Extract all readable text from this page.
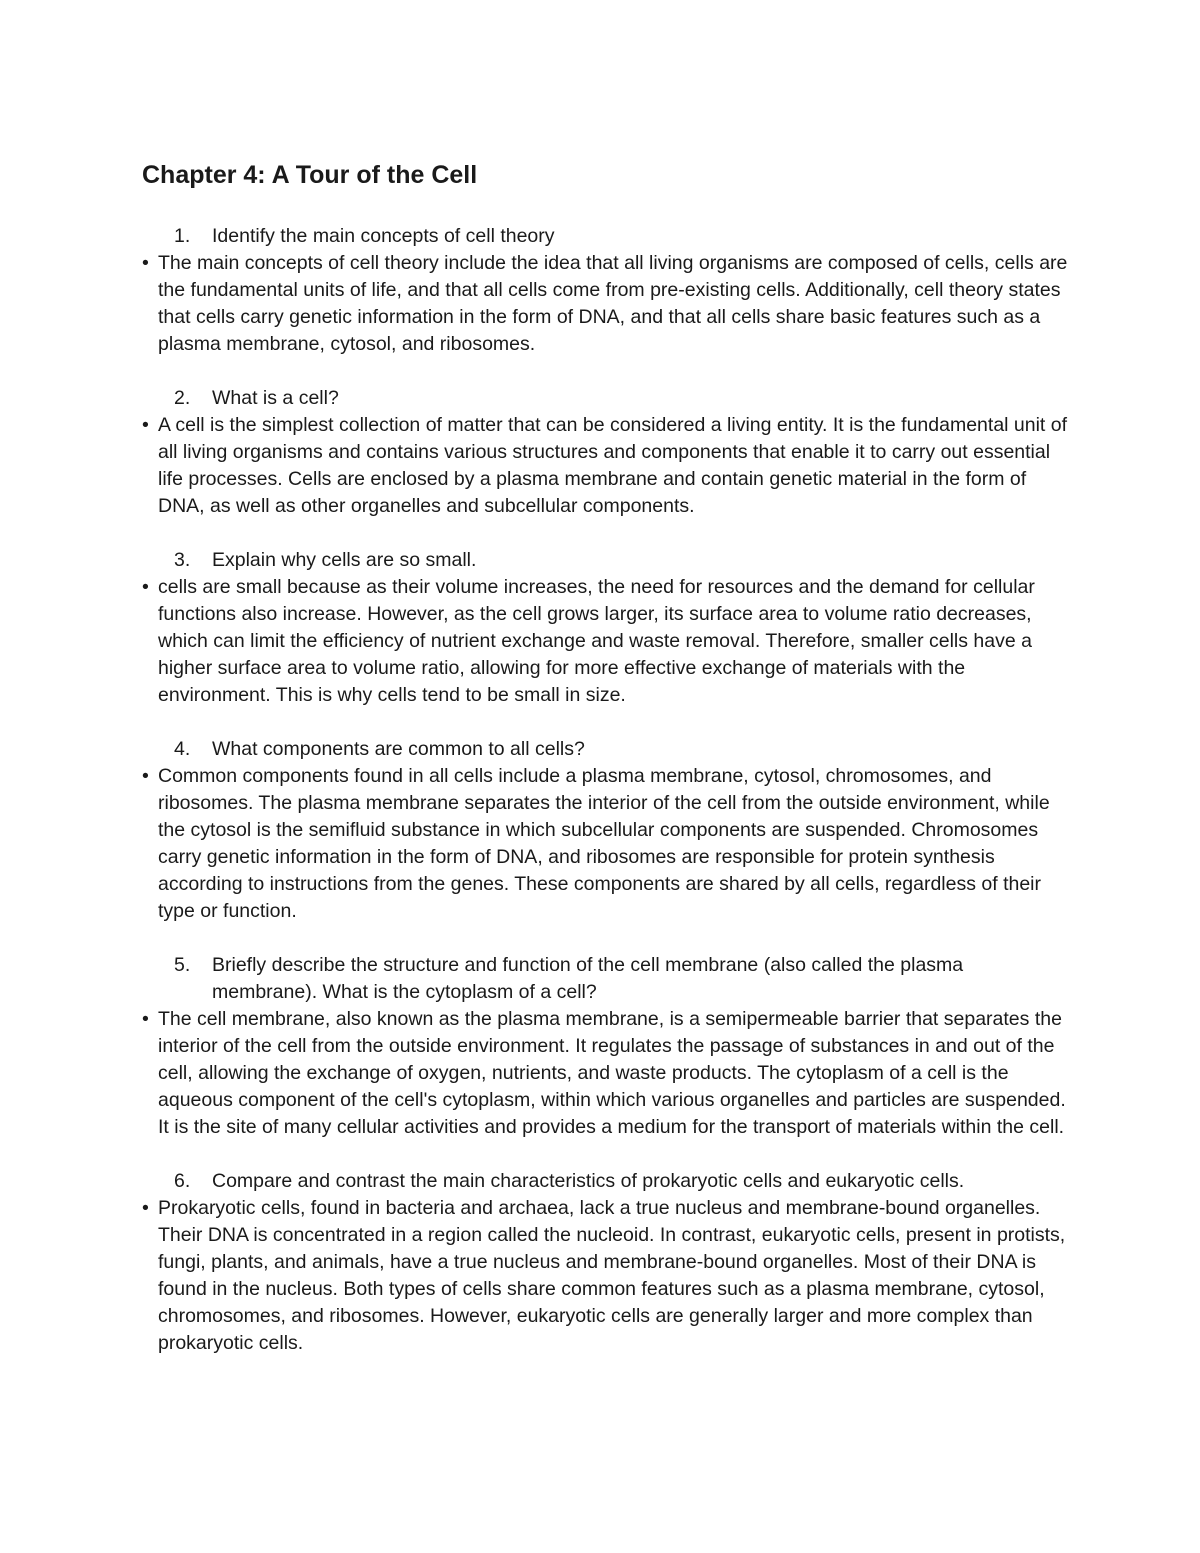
Chapter 4: A Tour of the Cell
1. Identify the main concepts of cell theory
• The main concepts of cell theory include the idea that all living organisms are composed of cells, cells are the fundamental units of life, and that all cells come from pre-existing cells. Additionally, cell theory states that cells carry genetic information in the form of DNA, and that all cells share basic features such as a plasma membrane, cytosol, and ribosomes.
2. What is a cell?
• A cell is the simplest collection of matter that can be considered a living entity. It is the fundamental unit of all living organisms and contains various structures and components that enable it to carry out essential life processes. Cells are enclosed by a plasma membrane and contain genetic material in the form of DNA, as well as other organelles and subcellular components.
3. Explain why cells are so small.
• cells are small because as their volume increases, the need for resources and the demand for cellular functions also increase. However, as the cell grows larger, its surface area to volume ratio decreases, which can limit the efficiency of nutrient exchange and waste removal. Therefore, smaller cells have a higher surface area to volume ratio, allowing for more effective exchange of materials with the environment. This is why cells tend to be small in size.
4. What components are common to all cells?
• Common components found in all cells include a plasma membrane, cytosol, chromosomes, and ribosomes. The plasma membrane separates the interior of the cell from the outside environment, while the cytosol is the semifluid substance in which subcellular components are suspended. Chromosomes carry genetic information in the form of DNA, and ribosomes are responsible for protein synthesis according to instructions from the genes. These components are shared by all cells, regardless of their type or function.
5. Briefly describe the structure and function of the cell membrane (also called the plasma membrane). What is the cytoplasm of a cell?
• The cell membrane, also known as the plasma membrane, is a semipermeable barrier that separates the interior of the cell from the outside environment. It regulates the passage of substances in and out of the cell, allowing the exchange of oxygen, nutrients, and waste products. The cytoplasm of a cell is the aqueous component of the cell's cytoplasm, within which various organelles and particles are suspended. It is the site of many cellular activities and provides a medium for the transport of materials within the cell.
6. Compare and contrast the main characteristics of prokaryotic cells and eukaryotic cells.
• Prokaryotic cells, found in bacteria and archaea, lack a true nucleus and membrane-bound organelles. Their DNA is concentrated in a region called the nucleoid. In contrast, eukaryotic cells, present in protists, fungi, plants, and animals, have a true nucleus and membrane-bound organelles. Most of their DNA is found in the nucleus. Both types of cells share common features such as a plasma membrane, cytosol, chromosomes, and ribosomes. However, eukaryotic cells are generally larger and more complex than prokaryotic cells.
